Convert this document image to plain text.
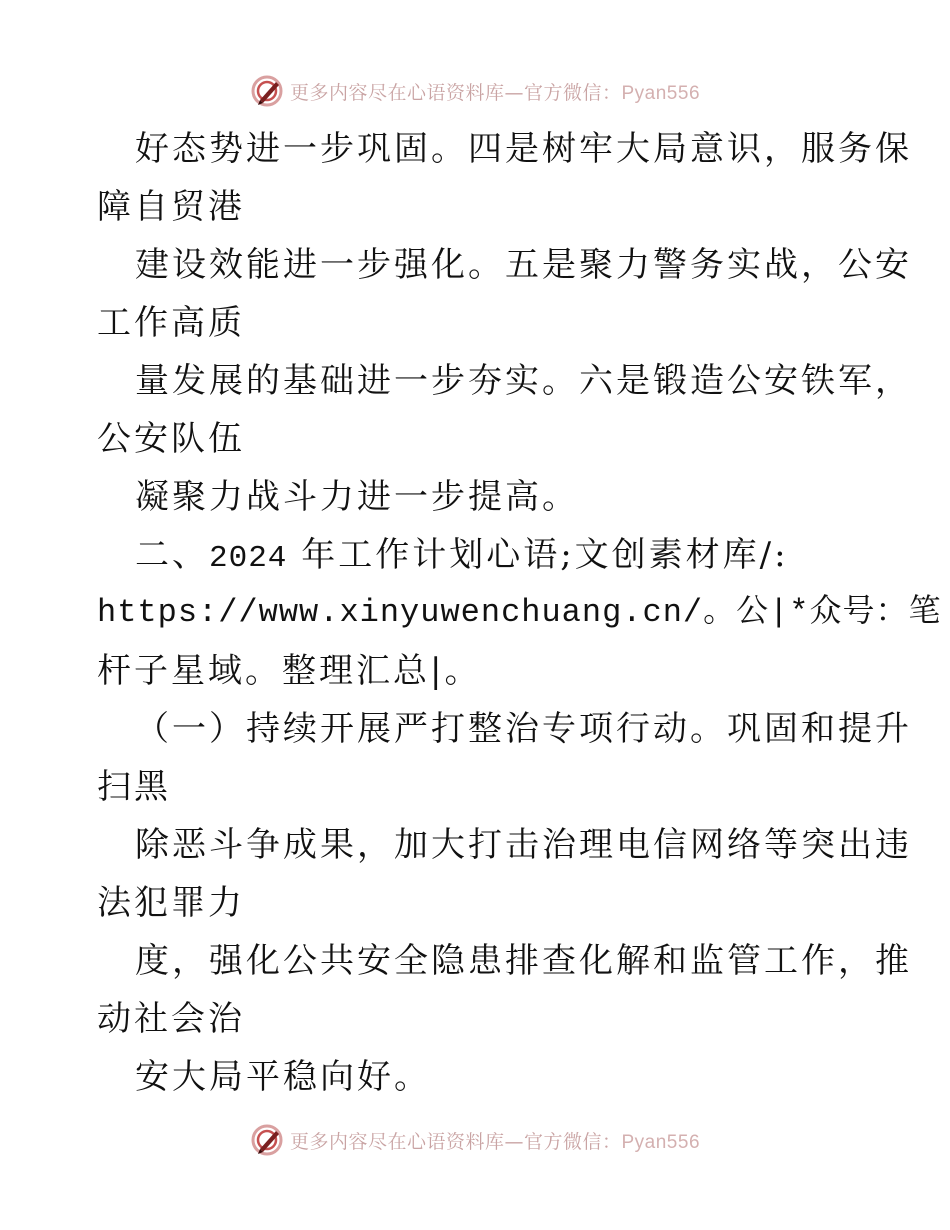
更多内容尽在心语资料库—官方微信：Pyan556
好态势进一步巩固。四是树牢大局意识，服务保
障自贸港
建设效能进一步强化。五是聚力警务实战，公安
工作高质
量发展的基础进一步夯实。六是锻造公安铁军，
公安队伍
凝聚力战斗力进一步提高。
二、2024 年工作计划心语;文创素材库/:
https://www.xinyuwenchuang.cn/。公|*众号：笔
杆子星域。整理汇总|。
（一）持续开展严打整治专项行动。巩固和提升
扫黑
除恶斗争成果，加大打击治理电信网络等突出违
法犯罪力
度，强化公共安全隐患排查化解和监管工作，推
动社会治
安大局平稳向好。
更多内容尽在心语资料库—官方微信：Pyan556
